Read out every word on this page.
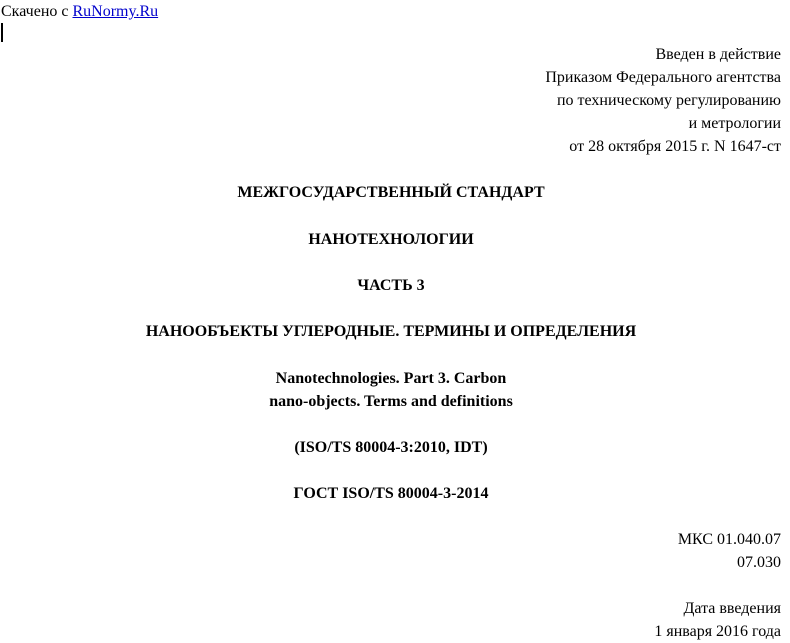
Скачено с RuNormy.Ru
Введен в действие
Приказом Федерального агентства
по техническому регулированию
и метрологии
от 28 октября 2015 г. N 1647-ст
МЕЖГОСУДАРСТВЕННЫЙ СТАНДАРТ
НАНОТЕХНОЛОГИИ
ЧАСТЬ 3
НАНООБЪЕКТЫ УГЛЕРОДНЫЕ. ТЕРМИНЫ И ОПРЕДЕЛЕНИЯ
Nanotechnologies. Part 3. Carbon
nano-objects. Terms and definitions
(ISO/TS 80004-3:2010, IDT)
ГОСТ ISO/TS 80004-3-2014
МКС 01.040.07
07.030
Дата введения
1 января 2016 года
